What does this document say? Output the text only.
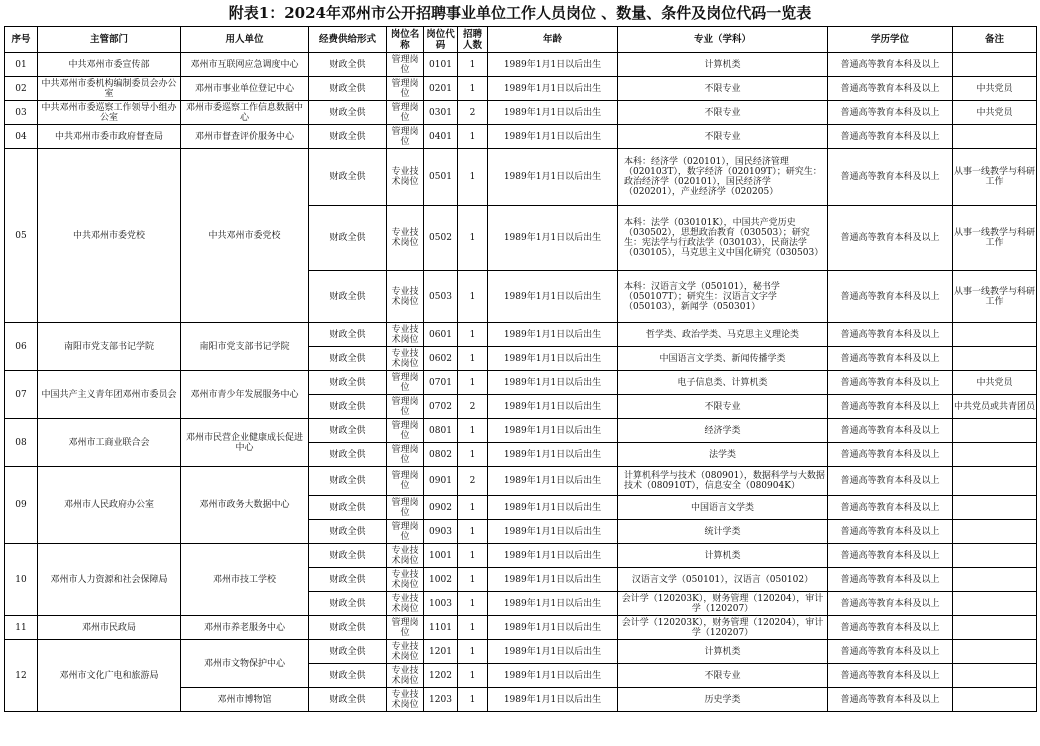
附表1：2024年邓州市公开招聘事业单位工作人员岗位 、数量、条件及岗位代码一览表
序号	主管部门	用人单位	经费供给形式	岗位名称	岗位代码	招聘人数	年龄	专业（学科）	学历学位	备注
01	中共邓州市委宣传部	邓州市互联网应急调度中心	财政全供	管理岗位	0101	1	1989年1月1日以后出生	计算机类	普通高等教育本科及以上	
02	中共邓州市委机构编制委员会办公室	邓州市事业单位登记中心	财政全供	管理岗位	0201	1	1989年1月1日以后出生	不限专业	普通高等教育本科及以上	中共党员
03	中共邓州市委巡察工作领导小组办公室	邓州市委巡察工作信息数据中心	财政全供	管理岗位	0301	2	1989年1月1日以后出生	不限专业	普通高等教育本科及以上	中共党员
04	中共邓州市委市政府督查局	邓州市督查评价服务中心	财政全供	管理岗位	0401	1	1989年1月1日以后出生	不限专业	普通高等教育本科及以上	
05	中共邓州市委党校	中共邓州市委党校	财政全供	专业技术岗位	0501	1	1989年1月1日以后出生	本科：经济学（020101），国民经济管理（020103T），数字经济（020109T）；研究生：政治经济学（020101），国民经济学（020201），产业经济学（020205）	普通高等教育本科及以上	从事一线教学与科研工作
			财政全供	专业技术岗位	0502	1	1989年1月1日以后出生	本科：法学（030101K），中国共产党历史（030502），思想政治教育（030503）；研究生：宪法学与行政法学（030103），民商法学（030105），马克思主义中国化研究（030503）	普通高等教育本科及以上	从事一线教学与科研工作
			财政全供	专业技术岗位	0503	1	1989年1月1日以后出生	本科：汉语言文学（050101），秘书学（050107T）；研究生：汉语言文字学（050103），新闻学（050301）	普通高等教育本科及以上	从事一线教学与科研工作
06	南阳市党支部书记学院	南阳市党支部书记学院	财政全供	专业技术岗位	0601	1	1989年1月1日以后出生	哲学类、政治学类、马克思主义理论类	普通高等教育本科及以上	
			财政全供	专业技术岗位	0602	1	1989年1月1日以后出生	中国语言文学类、新闻传播学类	普通高等教育本科及以上	
07	中国共产主义青年团邓州市委员会	邓州市青少年发展服务中心	财政全供	管理岗位	0701	1	1989年1月1日以后出生	电子信息类、计算机类	普通高等教育本科及以上	中共党员
			财政全供	管理岗位	0702	2	1989年1月1日以后出生	不限专业	普通高等教育本科及以上	中共党员或共青团员
08	邓州市工商业联合会	邓州市民营企业健康成长促进中心	财政全供	管理岗位	0801	1	1989年1月1日以后出生	经济学类	普通高等教育本科及以上	
			财政全供	管理岗位	0802	1	1989年1月1日以后出生	法学类	普通高等教育本科及以上	
09	邓州市人民政府办公室	邓州市政务大数据中心	财政全供	管理岗位	0901	2	1989年1月1日以后出生	计算机科学与技术（080901），数据科学与大数据技术（080910T），信息安全（080904K）	普通高等教育本科及以上	
			财政全供	管理岗位	0902	1	1989年1月1日以后出生	中国语言文学类	普通高等教育本科及以上	
			财政全供	管理岗位	0903	1	1989年1月1日以后出生	统计学类	普通高等教育本科及以上	
10	邓州市人力资源和社会保障局	邓州市技工学校	财政全供	专业技术岗位	1001	1	1989年1月1日以后出生	计算机类	普通高等教育本科及以上	
			财政全供	专业技术岗位	1002	1	1989年1月1日以后出生	汉语言文学（050101），汉语言（050102）	普通高等教育本科及以上	
			财政全供	专业技术岗位	1003	1	1989年1月1日以后出生	会计学（120203K），财务管理（120204），审计学（120207）	普通高等教育本科及以上	
11	邓州市民政局	邓州市养老服务中心	财政全供	管理岗位	1101	1	1989年1月1日以后出生	会计学（120203K），财务管理（120204），审计学（120207）	普通高等教育本科及以上	
12	邓州市文化广电和旅游局	邓州市文物保护中心	财政全供	专业技术岗位	1201	1	1989年1月1日以后出生	计算机类	普通高等教育本科及以上	
			财政全供	专业技术岗位	1202	1	1989年1月1日以后出生	不限专业	普通高等教育本科及以上	
		邓州市博物馆	财政全供	专业技术岗位	1203	1	1989年1月1日以后出生	历史学类	普通高等教育本科及以上	
